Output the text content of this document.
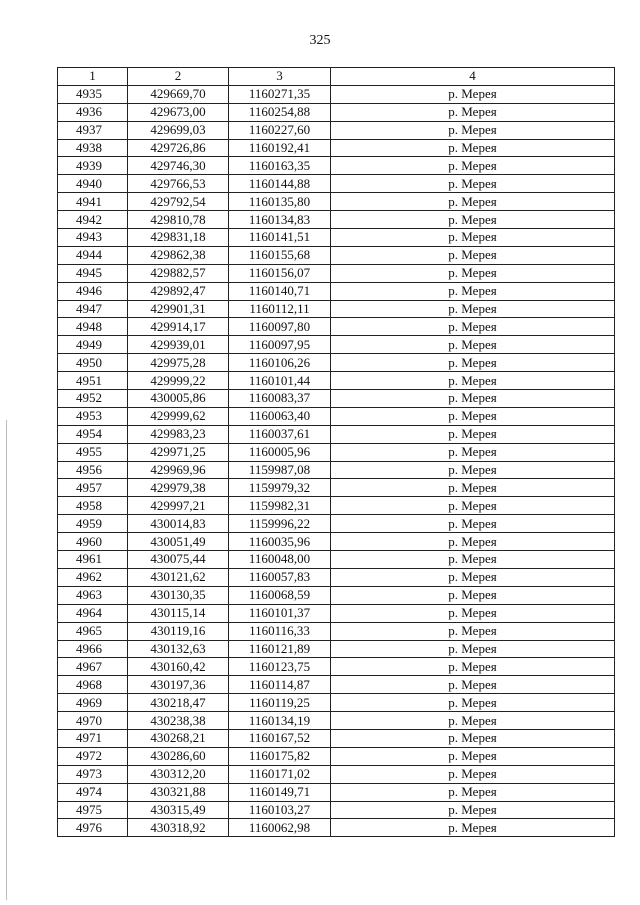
325
1	2	3	4
4935	429669,70	1160271,35	р. Мерея
4936	429673,00	1160254,88	р. Мерея
4937	429699,03	1160227,60	р. Мерея
4938	429726,86	1160192,41	р. Мерея
4939	429746,30	1160163,35	р. Мерея
4940	429766,53	1160144,88	р. Мерея
4941	429792,54	1160135,80	р. Мерея
4942	429810,78	1160134,83	р. Мерея
4943	429831,18	1160141,51	р. Мерея
4944	429862,38	1160155,68	р. Мерея
4945	429882,57	1160156,07	р. Мерея
4946	429892,47	1160140,71	р. Мерея
4947	429901,31	1160112,11	р. Мерея
4948	429914,17	1160097,80	р. Мерея
4949	429939,01	1160097,95	р. Мерея
4950	429975,28	1160106,26	р. Мерея
4951	429999,22	1160101,44	р. Мерея
4952	430005,86	1160083,37	р. Мерея
4953	429999,62	1160063,40	р. Мерея
4954	429983,23	1160037,61	р. Мерея
4955	429971,25	1160005,96	р. Мерея
4956	429969,96	1159987,08	р. Мерея
4957	429979,38	1159979,32	р. Мерея
4958	429997,21	1159982,31	р. Мерея
4959	430014,83	1159996,22	р. Мерея
4960	430051,49	1160035,96	р. Мерея
4961	430075,44	1160048,00	р. Мерея
4962	430121,62	1160057,83	р. Мерея
4963	430130,35	1160068,59	р. Мерея
4964	430115,14	1160101,37	р. Мерея
4965	430119,16	1160116,33	р. Мерея
4966	430132,63	1160121,89	р. Мерея
4967	430160,42	1160123,75	р. Мерея
4968	430197,36	1160114,87	р. Мерея
4969	430218,47	1160119,25	р. Мерея
4970	430238,38	1160134,19	р. Мерея
4971	430268,21	1160167,52	р. Мерея
4972	430286,60	1160175,82	р. Мерея
4973	430312,20	1160171,02	р. Мерея
4974	430321,88	1160149,71	р. Мерея
4975	430315,49	1160103,27	р. Мерея
4976	430318,92	1160062,98	р. Мерея
